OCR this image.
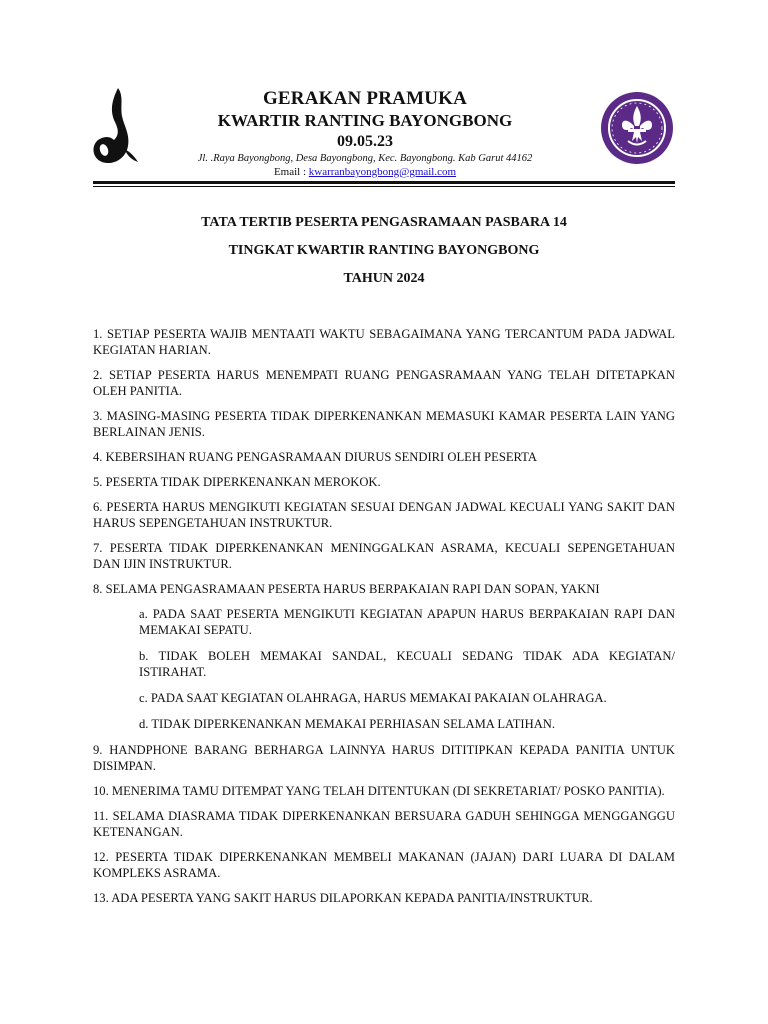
GERAKAN PRAMUKA

KWARTIR RANTING BAYONGBONG

09.05.23

Jl. .Raya Bayongbong, Desa Bayongbong, Kec. Bayongbong. Kab Garut 44162

Email : kwarranbayongbong@gmail.com

TATA TERTIB PESERTA PENGASRAMAAN PASBARA 14

TINGKAT KWARTIR RANTING BAYONGBONG

TAHUN 2024

1. SETIAP PESERTA WAJIB MENTAATI WAKTU SEBAGAIMANA YANG TERCANTUM PADA JADWAL KEGIATAN HARIAN.

2. SETIAP PESERTA HARUS MENEMPATI RUANG PENGASRAMAAN YANG TELAH DITETAPKAN OLEH PANITIA.

3. MASING-MASING PESERTA TIDAK DIPERKENANKAN MEMASUKI KAMAR PESERTA LAIN YANG BERLAINAN JENIS.

4. KEBERSIHAN RUANG PENGASRAMAAN DIURUS SENDIRI OLEH PESERTA

5. PESERTA TIDAK DIPERKENANKAN MEROKOK.

6. PESERTA HARUS MENGIKUTI KEGIATAN SESUAI DENGAN JADWAL KECUALI YANG SAKIT DAN HARUS SEPENGETAHUAN INSTRUKTUR.

7. PESERTA TIDAK DIPERKENANKAN MENINGGALKAN ASRAMA, KECUALI SEPENGETAHUAN DAN IJIN INSTRUKTUR.

8. SELAMA PENGASRAMAAN PESERTA HARUS BERPAKAIAN RAPI DAN SOPAN, YAKNI

a. PADA SAAT PESERTA MENGIKUTI KEGIATAN APAPUN HARUS BERPAKAIAN RAPI DAN MEMAKAI SEPATU.

b. TIDAK BOLEH MEMAKAI SANDAL, KECUALI SEDANG TIDAK ADA KEGIATAN/ ISTIRAHAT.

c. PADA SAAT KEGIATAN OLAHRAGA, HARUS MEMAKAI PAKAIAN OLAHRAGA.

d. TIDAK DIPERKENANKAN MEMAKAI PERHIASAN SELAMA LATIHAN.

9. HANDPHONE BARANG BERHARGA LAINNYA HARUS DITITIPKAN KEPADA PANITIA UNTUK DISIMPAN.

10. MENERIMA TAMU DITEMPAT YANG TELAH DITENTUKAN (DI SEKRETARIAT/ POSKO PANITIA).

11. SELAMA DIASRAMA TIDAK DIPERKENANKAN BERSUARA GADUH SEHINGGA MENGGANGGU KETENANGAN.

12. PESERTA TIDAK DIPERKENANKAN MEMBELI MAKANAN (JAJAN) DARI LUARA DI DALAM KOMPLEKS ASRAMA.

13. ADA PESERTA YANG SAKIT HARUS DILAPORKAN KEPADA PANITIA/INSTRUKTUR.
